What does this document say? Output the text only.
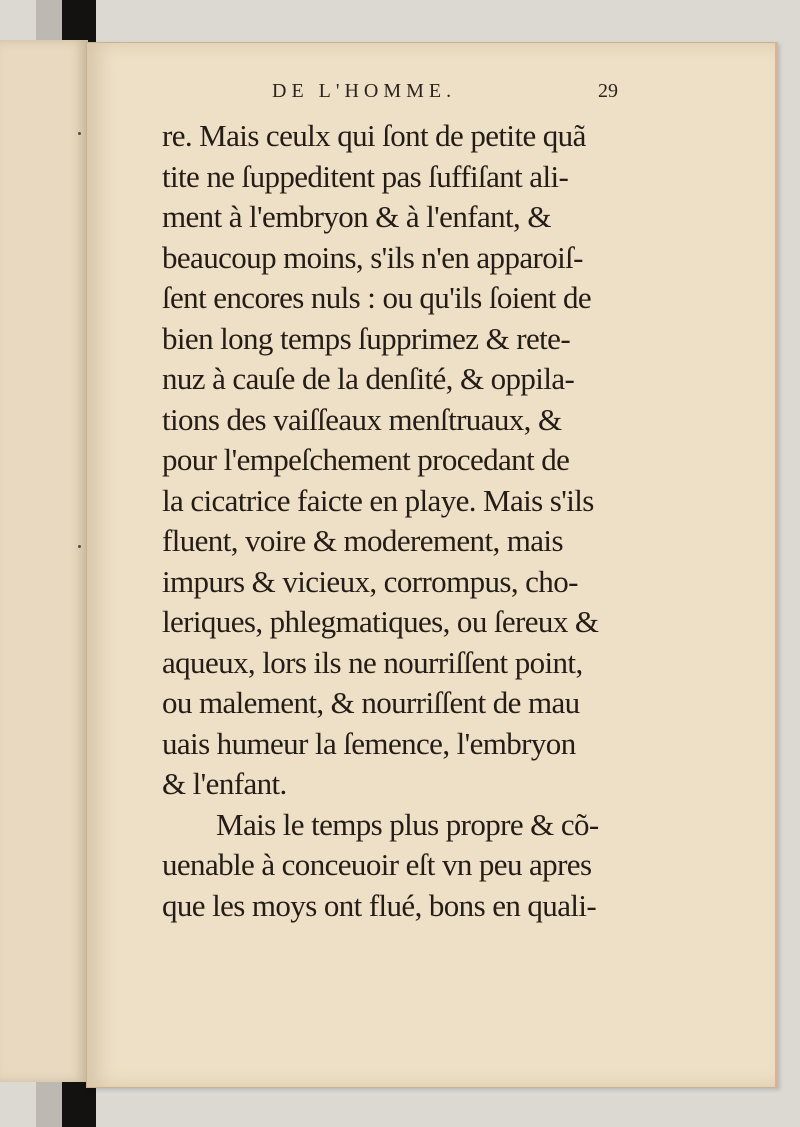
DE L'HOMME.	29
re. Mais ceulx qui ſont de petite quã
tite ne ſuppeditent pas ſuffiſant ali-
ment à l'embryon & à l'enfant, &
beaucoup moins, s'ils n'en apparoiſ-
ſent encores nuls : ou qu'ils ſoient de
bien long temps ſupprimez & rete-
nuz à cauſe de la denſité, & oppila-
tions des vaiſſeaux menſtruaux, &
pour l'empeſchement procedant de
la cicatrice faicte en playe. Mais s'ils
fluent, voire & moderement, mais
impurs & vicieux, corrompus, cho-
leriques, phlegmatiques, ou ſereux &
aqueux, lors ils ne nourriſſent point,
ou malement, & nourriſſent de mau
uais humeur la ſemence, l'embryon
& l'enfant.
Mais le temps plus propre & cõ-
uenable à conceuoir eſt vn peu apres
que les moys ont flué, bons en quali-
